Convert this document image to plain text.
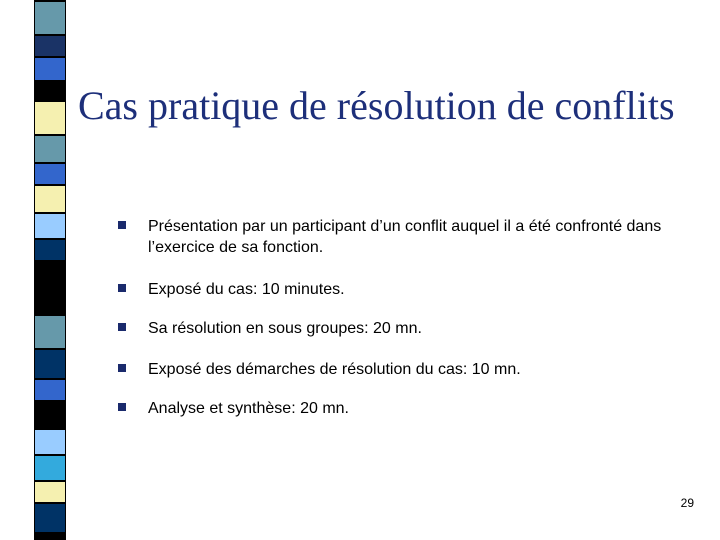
Cas pratique de résolution de conflits
Présentation par un participant d’un conflit auquel il a été confronté dans l’exercice de sa fonction.
Exposé du cas: 10 minutes.
Sa résolution en sous groupes: 20 mn.
Exposé des démarches de résolution du cas: 10 mn.
Analyse et synthèse: 20 mn.
29
